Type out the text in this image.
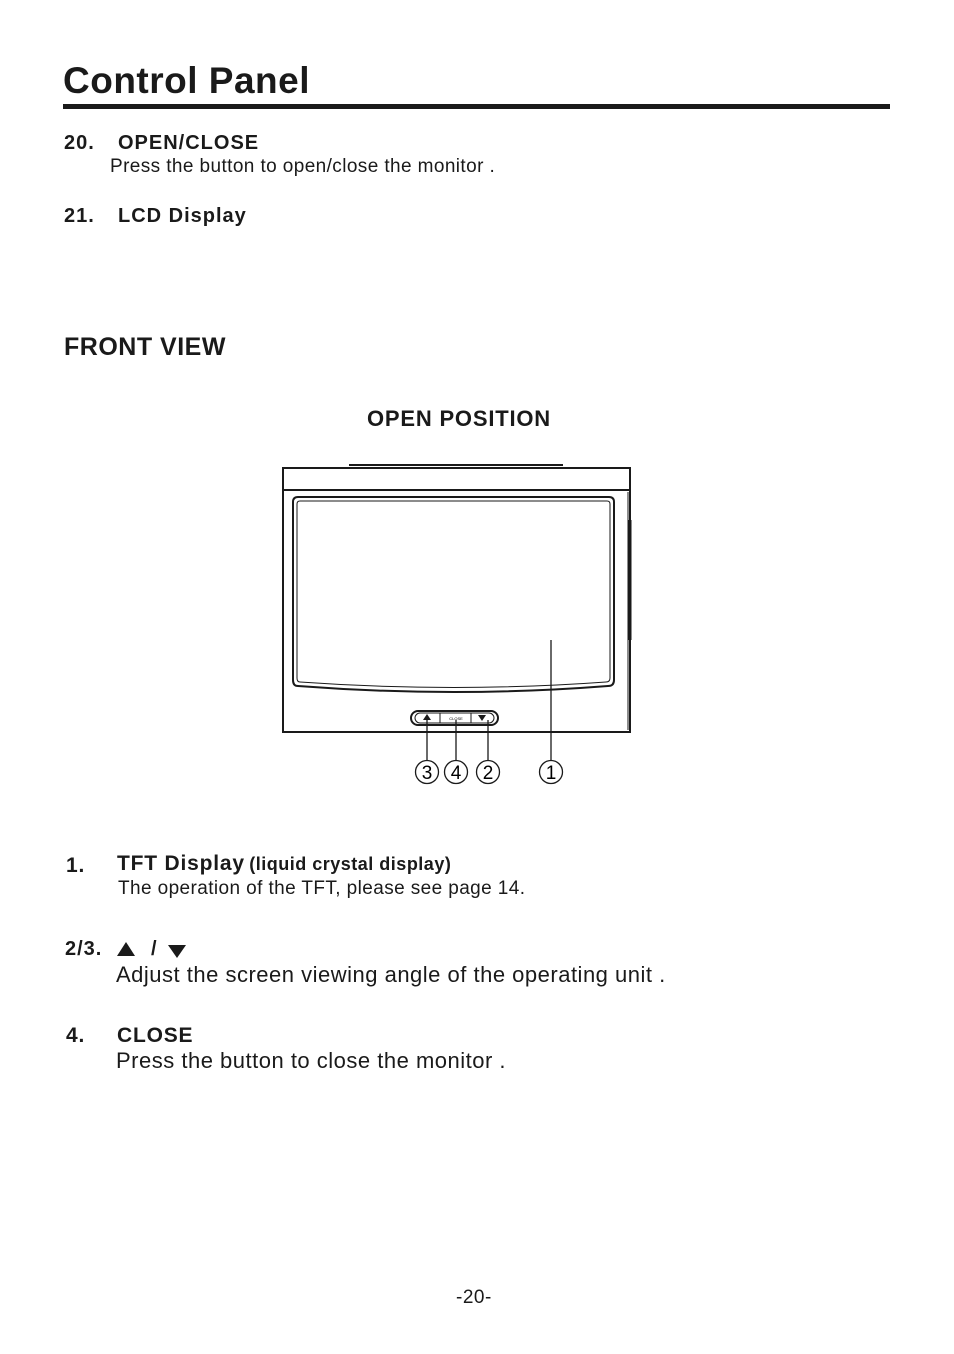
Control Panel
20. OPEN/CLOSE
Press the button to open/close the monitor .
21. LCD Display
FRONT VIEW
OPEN POSITION
CLOSE
3 4 2	1
1. TFT Display (liquid crystal display)
The operation of the TFT, please see page 14.
2/3. /
Adjust the screen viewing angle of the operating unit .
4. CLOSE
Press the button to close the monitor .
-20-
